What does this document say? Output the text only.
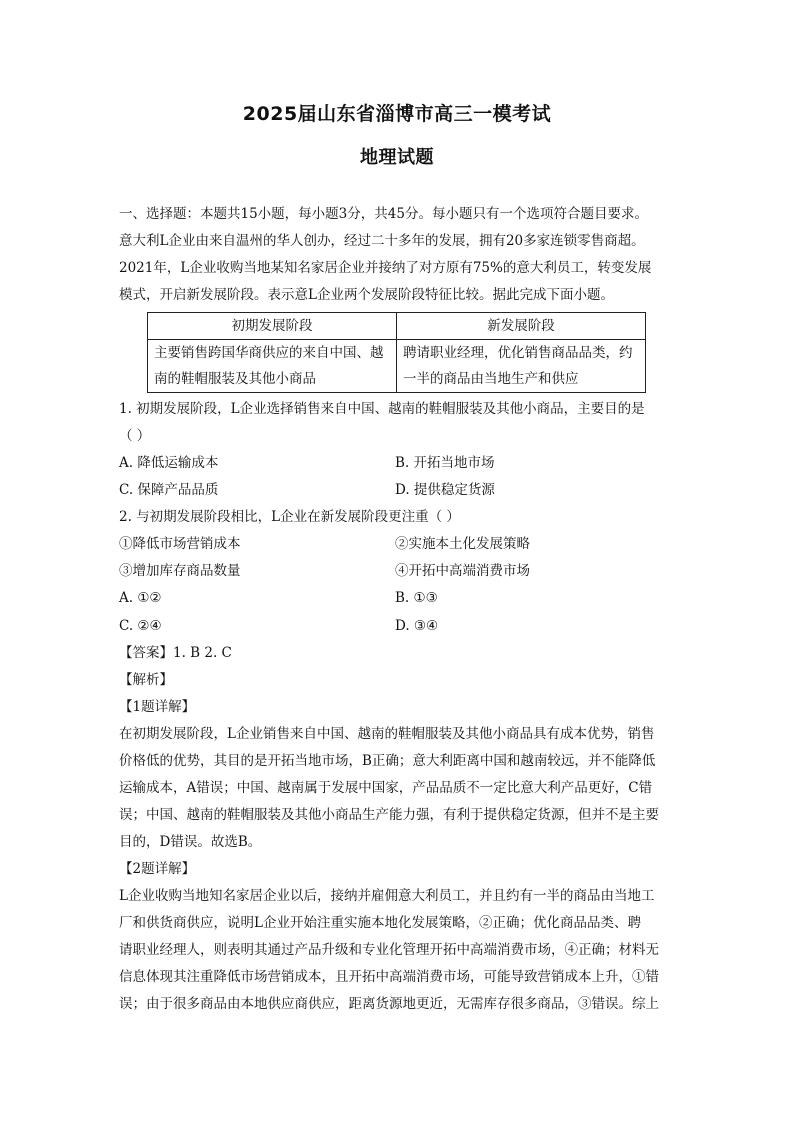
2025届山东省淄博市高三一模考试
地理试题
一、选择题：本题共15小题，每小题3分，共45分。每小题只有一个选项符合题目要求。
意大利L企业由来自温州的华人创办，经过二十多年的发展，拥有20多家连锁零售商超。
2021年，L企业收购当地某知名家居企业并接纳了对方原有75%的意大利员工，转变发展
模式，开启新发展阶段。表示意L企业两个发展阶段特征比较。据此完成下面小题。
初期发展阶段	新发展阶段
主要销售跨国华商供应的来自中国、越南的鞋帽服装及其他小商品	聘请职业经理，优化销售商品品类，约一半的商品由当地生产和供应
1. 初期发展阶段，L企业选择销售来自中国、越南的鞋帽服装及其他小商品，主要目的是
（ ）
A. 降低运输成本	B. 开拓当地市场
C. 保障产品品质	D. 提供稳定货源
2. 与初期发展阶段相比，L企业在新发展阶段更注重（ ）
①降低市场营销成本	②实施本土化发展策略
③增加库存商品数量	④开拓中高端消费市场
A. ①②	B. ①③
C. ②④	D. ③④
【答案】1. B 2. C
【解析】
【1题详解】
在初期发展阶段，L企业销售来自中国、越南的鞋帽服装及其他小商品具有成本优势，销售
价格低的优势，其目的是开拓当地市场，B正确；意大利距离中国和越南较远，并不能降低
运输成本，A错误；中国、越南属于发展中国家，产品品质不一定比意大利产品更好，C错
误；中国、越南的鞋帽服装及其他小商品生产能力强，有利于提供稳定货源，但并不是主要
目的，D错误。故选B。
【2题详解】
L企业收购当地知名家居企业以后，接纳并雇佣意大利员工，并且约有一半的商品由当地工
厂和供货商供应，说明L企业开始注重实施本地化发展策略，②正确；优化商品品类、聘
请职业经理人，则表明其通过产品升级和专业化管理开拓中高端消费市场，④正确；材料无
信息体现其注重降低市场营销成本，且开拓中高端消费市场，可能导致营销成本上升，①错
误；由于很多商品由本地供应商供应，距离货源地更近，无需库存很多商品，③错误。综上
